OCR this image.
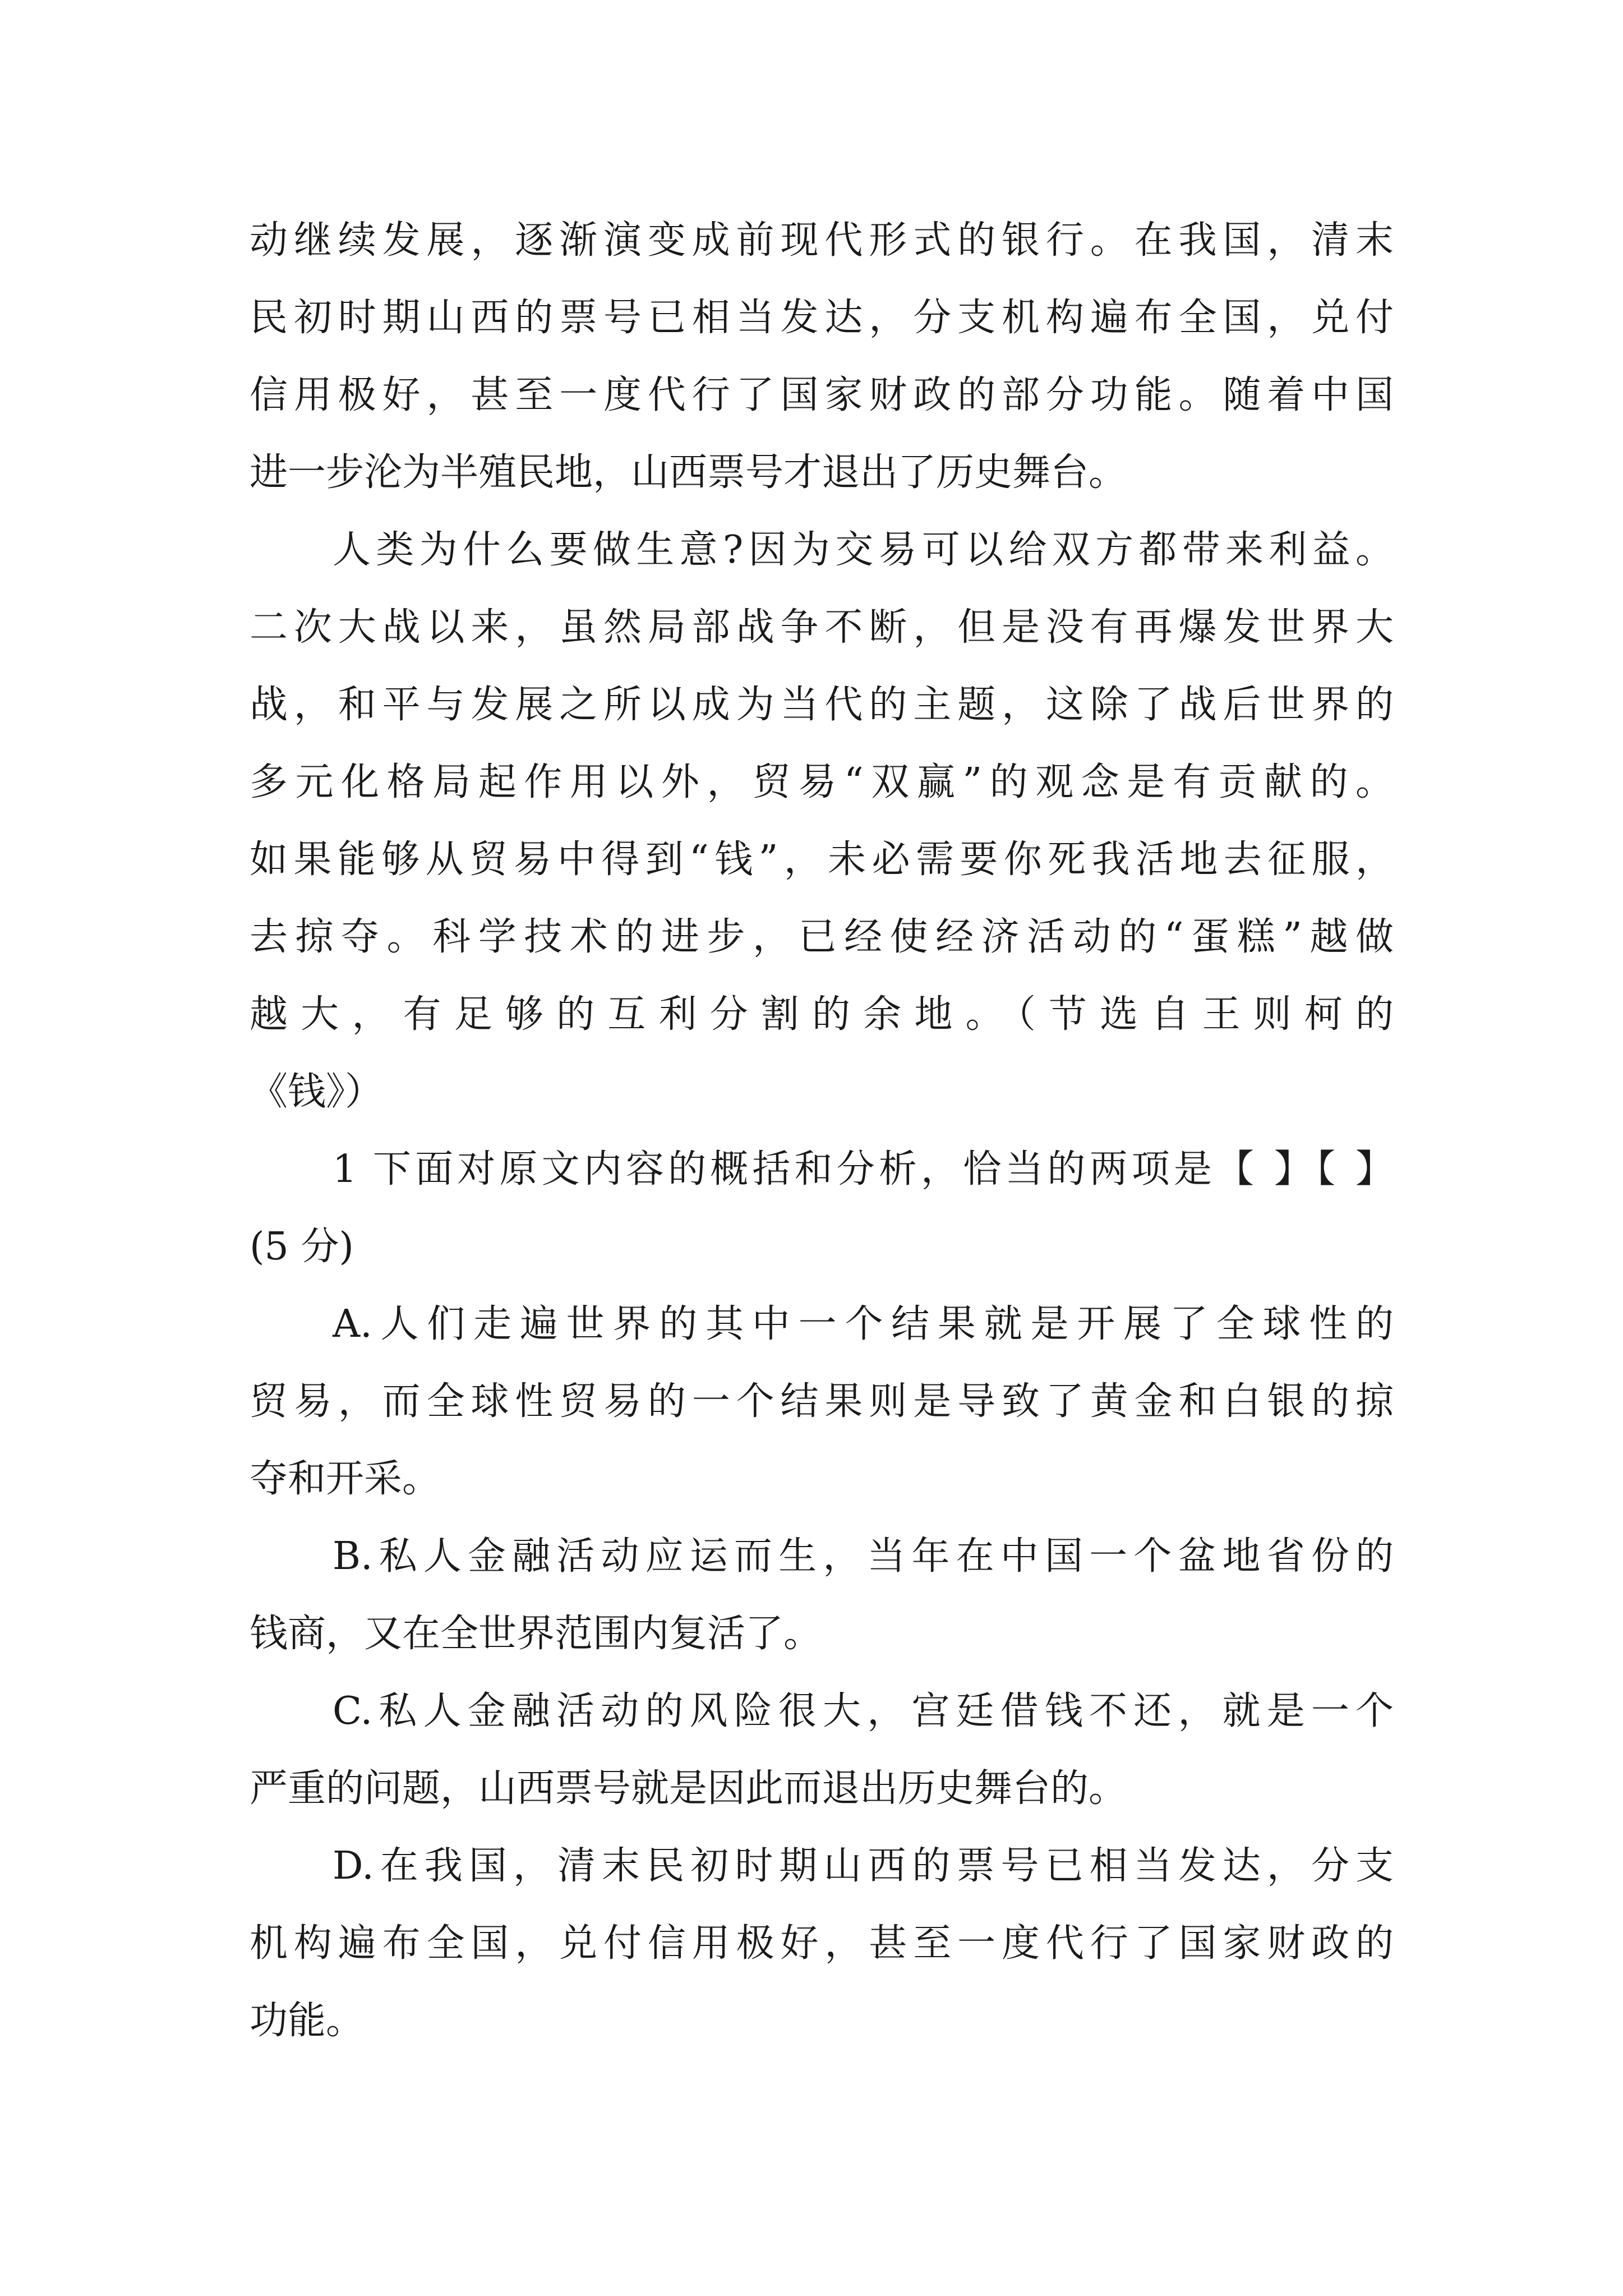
动继续发展，逐渐演变成前现代形式的银行。在我国，清末
民初时期山西的票号已相当发达，分支机构遍布全国，兑付
信用极好，甚至一度代行了国家财政的部分功能。随着中国
进一步沦为半殖民地，山西票号才退出了历史舞台。
人类为什么要做生意?因为交易可以给双方都带来利益。
二次大战以来，虽然局部战争不断，但是没有再爆发世界大
战，和平与发展之所以成为当代的主题，这除了战后世界的
多元化格局起作用以外，贸易“双赢”的观念是有贡献的。
如果能够从贸易中得到“钱”，未必需要你死我活地去征服，
去掠夺。科学技术的进步，已经使经济活动的“蛋糕”越做
越大，有足够的互利分割的余地。（节选自王则柯的
《钱》）
1 下面对原文内容的概括和分析，恰当的两项是【 】【 】
(5 分)
A.人们走遍世界的其中一个结果就是开展了全球性的
贸易，而全球性贸易的一个结果则是导致了黄金和白银的掠
夺和开采。
B.私人金融活动应运而生，当年在中国一个盆地省份的
钱商，又在全世界范围内复活了。
C.私人金融活动的风险很大，宫廷借钱不还，就是一个
严重的问题，山西票号就是因此而退出历史舞台的。
D.在我国，清末民初时期山西的票号已相当发达，分支
机构遍布全国，兑付信用极好，甚至一度代行了国家财政的
功能。
